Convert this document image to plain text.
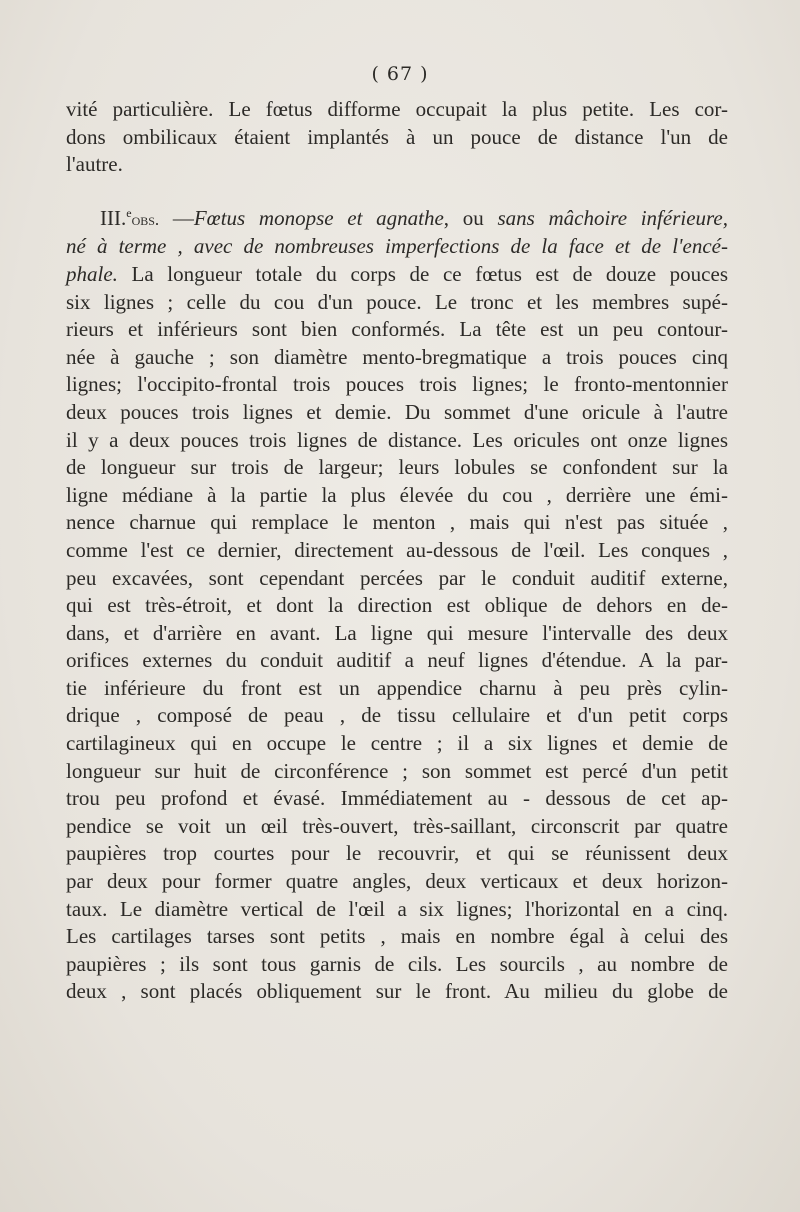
( 67 )
vité particulière. Le fœtus difforme occupait la plus petite. Les cor-
dons ombilicaux étaient implantés à un pouce de distance l'un de
l'autre.
III.$^e$obs. —Fœtus monopse et agnathe, ou sans mâchoire inférieure,
né à terme , avec de nombreuses imperfections de la face et de l'encé-
phale. La longueur totale du corps de ce fœtus est de douze pouces
six lignes ; celle du cou d'un pouce. Le tronc et les membres supé-
rieurs et inférieurs sont bien conformés. La tête est un peu contour-
née à gauche ; son diamètre mento-bregmatique a trois pouces cinq
lignes; l'occipito-frontal trois pouces trois lignes; le fronto-mentonnier
deux pouces trois lignes et demie. Du sommet d'une oricule à l'autre
il y a deux pouces trois lignes de distance. Les oricules ont onze lignes
de longueur sur trois de largeur; leurs lobules se confondent sur la
ligne médiane à la partie la plus élevée du cou , derrière une émi-
nence charnue qui remplace le menton , mais qui n'est pas située ,
comme l'est ce dernier, directement au-dessous de l'œil. Les conques ,
peu excavées, sont cependant percées par le conduit auditif externe,
qui est très-étroit, et dont la direction est oblique de dehors en de-
dans, et d'arrière en avant. La ligne qui mesure l'intervalle des deux
orifices externes du conduit auditif a neuf lignes d'étendue. A la par-
tie inférieure du front est un appendice charnu à peu près cylin-
drique , composé de peau , de tissu cellulaire et d'un petit corps
cartilagineux qui en occupe le centre ; il a six lignes et demie de
longueur sur huit de circonférence ; son sommet est percé d'un petit
trou peu profond et évasé. Immédiatement au - dessous de cet ap-
pendice se voit un œil très-ouvert, très-saillant, circonscrit par quatre
paupières trop courtes pour le recouvrir, et qui se réunissent deux
par deux pour former quatre angles, deux verticaux et deux horizon-
taux. Le diamètre vertical de l'œil a six lignes; l'horizontal en a cinq.
Les cartilages tarses sont petits , mais en nombre égal à celui des
paupières ; ils sont tous garnis de cils. Les sourcils , au nombre de
deux , sont placés obliquement sur le front. Au milieu du globe de
